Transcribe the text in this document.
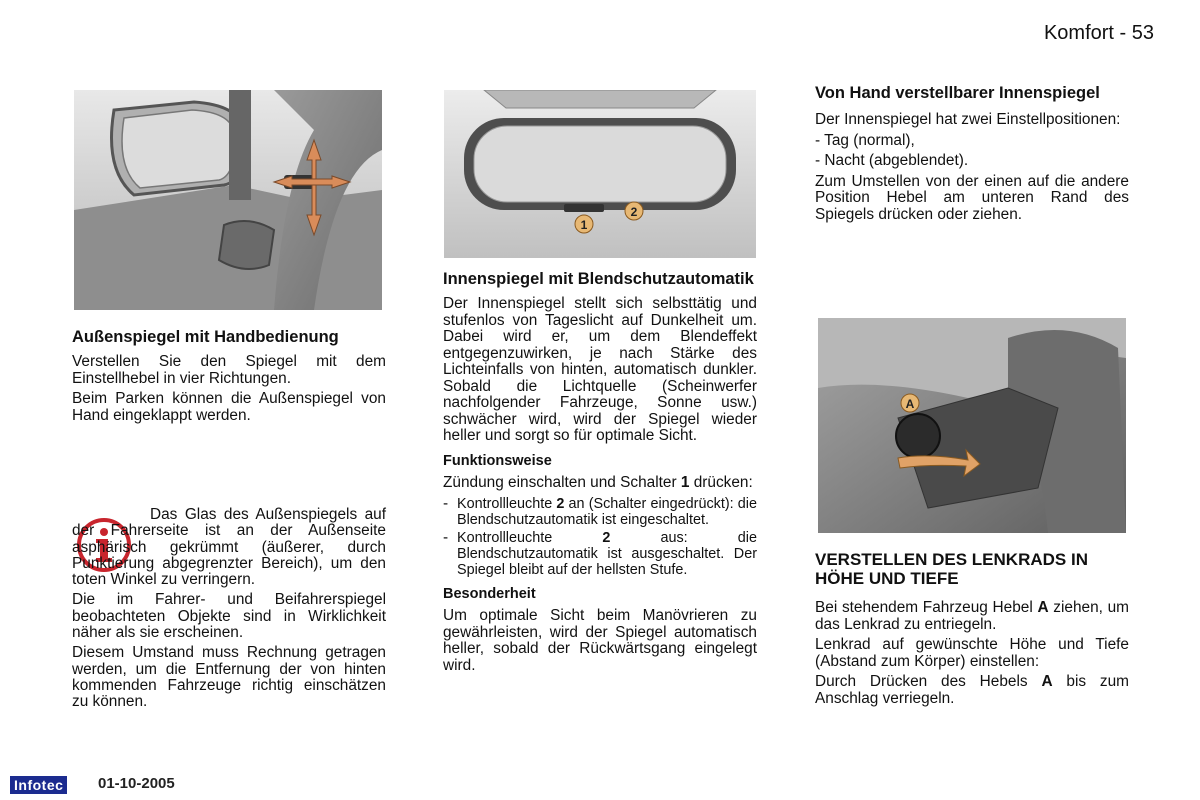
Komfort - 53
Außenspiegel mit Handbedienung

Verstellen Sie den Spiegel mit dem Einstellhebel in vier Richtungen.

Beim Parken können die Außenspiegel von Hand eingeklappt werden.

Das Glas des Außenspiegels auf der Fahrerseite ist an der Außenseite asphärisch gekrümmt (äußerer, durch Punktierung abgegrenzter Bereich), um den toten Winkel zu verringern.

Die im Fahrer- und Beifahrerspiegel beobachteten Objekte sind in Wirklichkeit näher als sie erscheinen.

Diesem Umstand muss Rechnung getragen werden, um die Entfernung der von hinten kommenden Fahrzeuge richtig einschätzen zu können.

1
2
Innenspiegel mit Blendschutzautomatik

Der Innenspiegel stellt sich selbsttätig und stufenlos von Tageslicht auf Dunkelheit um. Dabei wird er, um dem Blendeffekt entgegenzuwirken, je nach Stärke des Lichteinfalls von hinten, automatisch dunkler. Sobald die Lichtquelle (Scheinwerfer nachfolgender Fahrzeuge, Sonne usw.) schwächer wird, wird der Spiegel wieder heller und sorgt so für optimale Sicht.

Funktionsweise

Zündung einschalten und Schalter 1 drücken:

- Kontrollleuchte 2 an (Schalter eingedrückt): die Blendschutzautomatik ist eingeschaltet.
- Kontrollleuchte 2 aus: die Blendschutzautomatik ist ausgeschaltet. Der Spiegel bleibt auf der hellsten Stufe.
Besonderheit

Um optimale Sicht beim Manövrieren zu gewährleisten, wird der Spiegel automatisch heller, sobald der Rückwärtsgang eingelegt wird.

Von Hand verstellbarer Innenspiegel

Der Innenspiegel hat zwei Einstellpositionen:

- Tag (normal),

- Nacht (abgeblendet).

Zum Umstellen von der einen auf die andere Position Hebel am unteren Rand des Spiegels drücken oder ziehen.

A
VERSTELLEN DES LENKRADS IN HÖHE UND TIEFE

Bei stehendem Fahrzeug Hebel A ziehen, um das Lenkrad zu entriegeln.

Lenkrad auf gewünschte Höhe und Tiefe (Abstand zum Körper) einstellen:

Durch Drücken des Hebels A bis zum Anschlag verriegeln.

Infotec 01-10-2005
